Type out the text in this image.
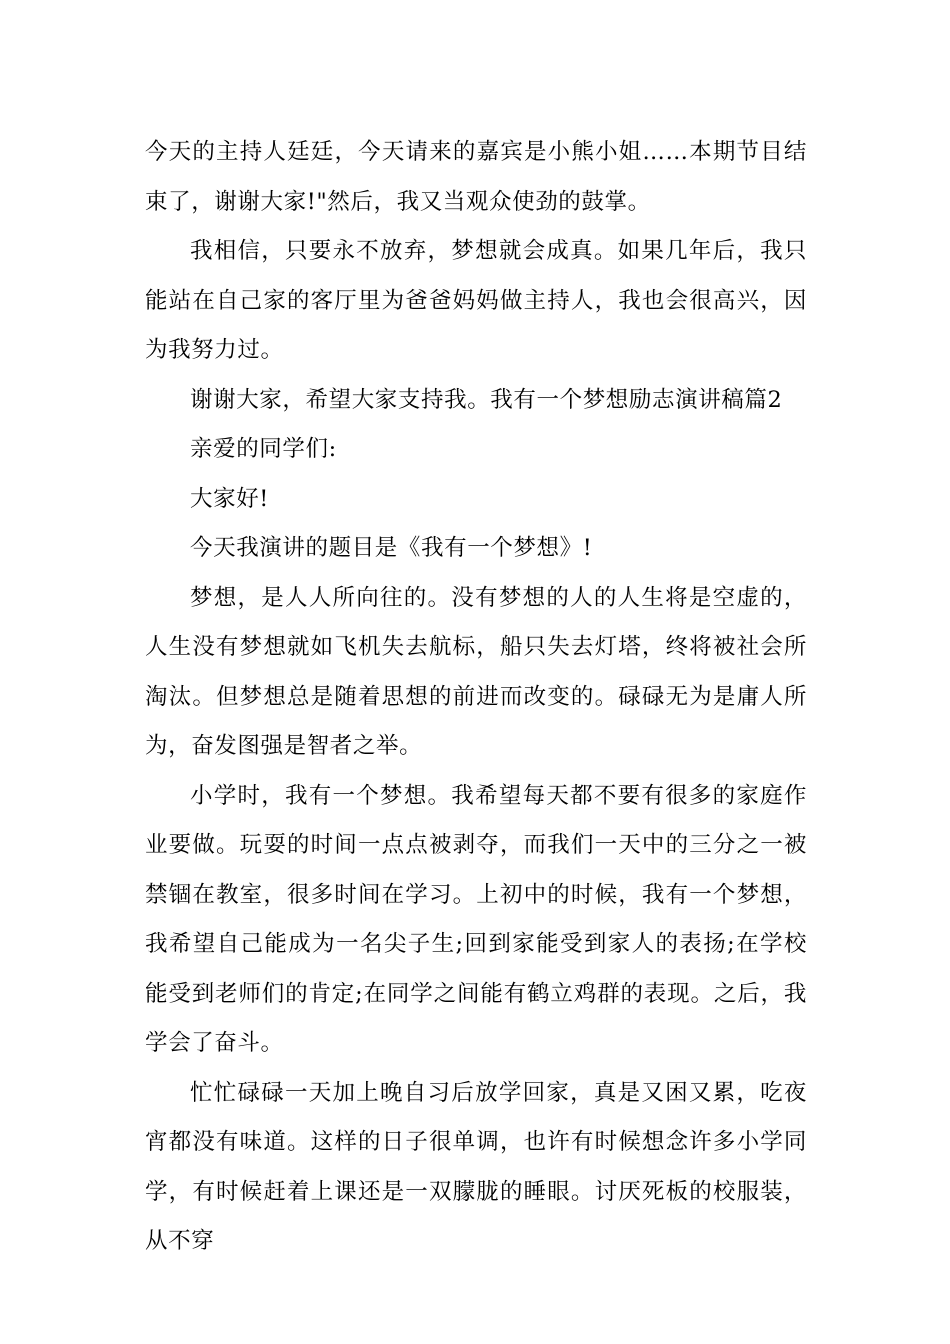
今天的主持人廷廷，今天请来的嘉宾是小熊小姐……本期节目结束了，谢谢大家!"然后，我又当观众使劲的鼓掌。

我相信，只要永不放弃，梦想就会成真。如果几年后，我只能站在自己家的客厅里为爸爸妈妈做主持人，我也会很高兴，因为我努力过。

谢谢大家，希望大家支持我。我有一个梦想励志演讲稿篇2

亲爱的同学们:

大家好!

今天我演讲的题目是《我有一个梦想》!

梦想，是人人所向往的。没有梦想的人的人生将是空虚的，人生没有梦想就如飞机失去航标，船只失去灯塔，终将被社会所淘汰。但梦想总是随着思想的前进而改变的。碌碌无为是庸人所为，奋发图强是智者之举。

小学时，我有一个梦想。我希望每天都不要有很多的家庭作业要做。玩耍的时间一点点被剥夺，而我们一天中的三分之一被禁锢在教室，很多时间在学习。上初中的时候，我有一个梦想，我希望自己能成为一名尖子生;回到家能受到家人的表扬;在学校能受到老师们的肯定;在同学之间能有鹤立鸡群的表现。之后，我学会了奋斗。

忙忙碌碌一天加上晚自习后放学回家，真是又困又累，吃夜宵都没有味道。这样的日子很单调，也许有时候想念许多小学同学，有时候赶着上课还是一双朦胧的睡眼。讨厌死板的校服装，从不穿
